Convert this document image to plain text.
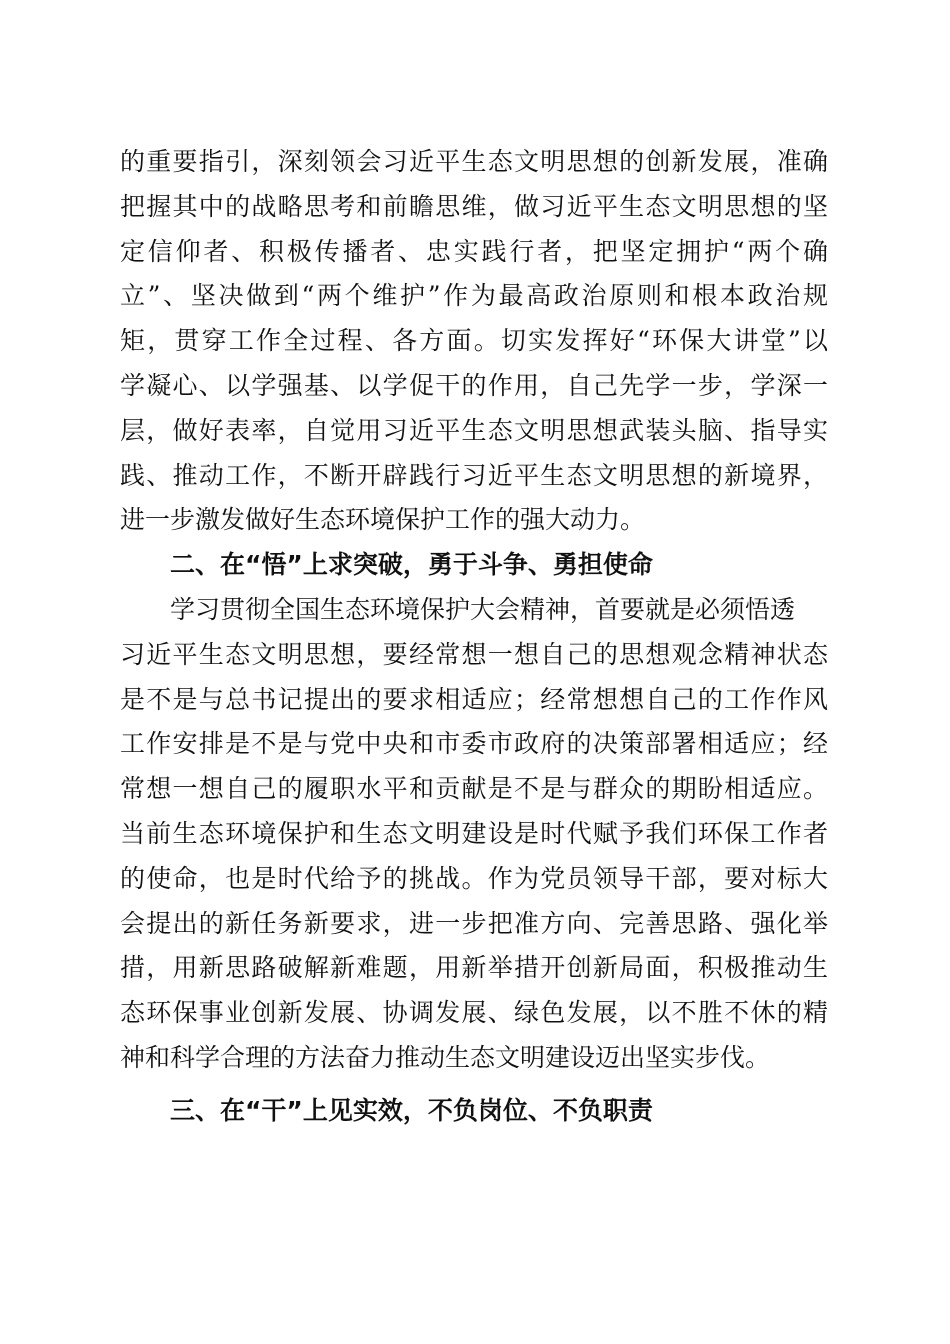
的重要指引，深刻领会习近平生态文明思想的创新发展，准确
把握其中的战略思考和前瞻思维，做习近平生态文明思想的坚
定信仰者、积极传播者、忠实践行者，把坚定拥护“两个确
立”、坚决做到“两个维护”作为最高政治原则和根本政治规
矩，贯穿工作全过程、各方面。切实发挥好“环保大讲堂”以
学凝心、以学强基、以学促干的作用，自己先学一步，学深一
层，做好表率，自觉用习近平生态文明思想武装头脑、指导实
践、推动工作，不断开辟践行习近平生态文明思想的新境界，
进一步激发做好生态环境保护工作的强大动力。
二、在“悟”上求突破，勇于斗争、勇担使命
学习贯彻全国生态环境保护大会精神，首要就是必须悟透
习近平生态文明思想，要经常想一想自己的思想观念精神状态
是不是与总书记提出的要求相适应；经常想想自己的工作作风
工作安排是不是与党中央和市委市政府的决策部署相适应；经
常想一想自己的履职水平和贡献是不是与群众的期盼相适应。
当前生态环境保护和生态文明建设是时代赋予我们环保工作者
的使命，也是时代给予的挑战。作为党员领导干部，要对标大
会提出的新任务新要求，进一步把准方向、完善思路、强化举
措，用新思路破解新难题，用新举措开创新局面，积极推动生
态环保事业创新发展、协调发展、绿色发展，以不胜不休的精
神和科学合理的方法奋力推动生态文明建设迈出坚实步伐。
三、在“干”上见实效，不负岗位、不负职责
